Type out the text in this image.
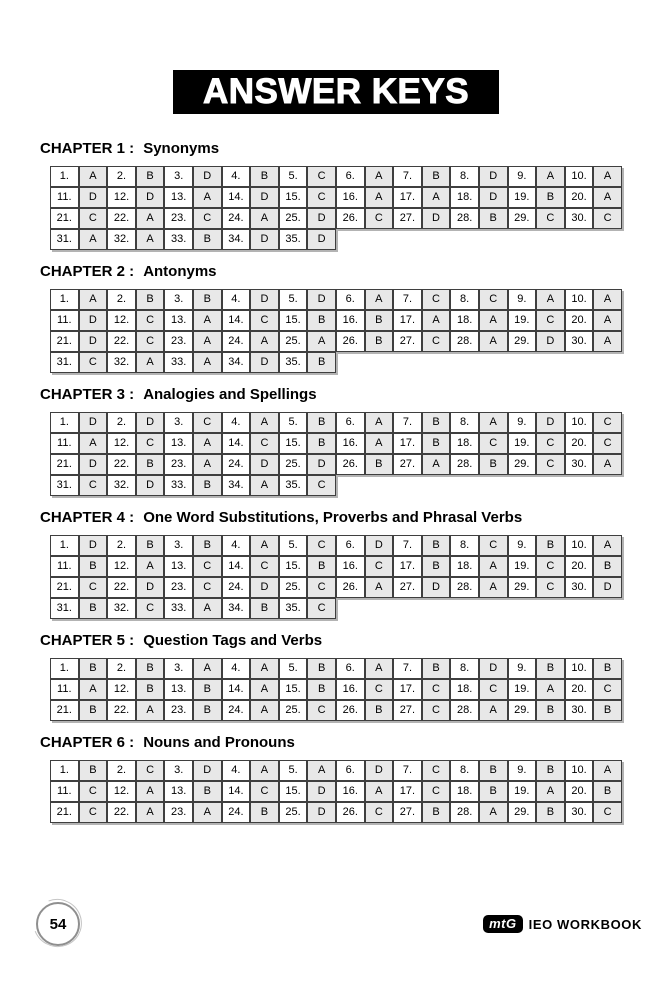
ANSWER KEYS
CHAPTER 1 : Synonyms
1.	A	2.	B	3.	D	4.	B	5.	C	6.	A	7.	B	8.	D	9.	A	10.	A
11.	D	12.	D	13.	A	14.	D	15.	C	16.	A	17.	A	18.	D	19.	B	20.	A
21.	C	22.	A	23.	C	24.	A	25.	D	26.	C	27.	D	28.	B	29.	C	30.	C
31.	A	32.	A	33.	B	34.	D	35.	D
CHAPTER 2 : Antonyms
1.	A	2.	B	3.	B	4.	D	5.	D	6.	A	7.	C	8.	C	9.	A	10.	A
11.	D	12.	C	13.	A	14.	C	15.	B	16.	B	17.	A	18.	A	19.	C	20.	A
21.	D	22.	C	23.	A	24.	A	25.	A	26.	B	27.	C	28.	A	29.	D	30.	A
31.	C	32.	A	33.	A	34.	D	35.	B
CHAPTER 3 : Analogies and Spellings
1.	D	2.	D	3.	C	4.	A	5.	B	6.	A	7.	B	8.	A	9.	D	10.	C
11.	A	12.	C	13.	A	14.	C	15.	B	16.	A	17.	B	18.	C	19.	C	20.	C
21.	D	22.	B	23.	A	24.	D	25.	D	26.	B	27.	A	28.	B	29.	C	30.	A
31.	C	32.	D	33.	B	34.	A	35.	C
CHAPTER 4 : One Word Substitutions, Proverbs and Phrasal Verbs
1.	D	2.	B	3.	B	4.	A	5.	C	6.	D	7.	B	8.	C	9.	B	10.	A
11.	B	12.	A	13.	C	14.	C	15.	B	16.	C	17.	B	18.	A	19.	C	20.	B
21.	C	22.	D	23.	C	24.	D	25.	C	26.	A	27.	D	28.	A	29.	C	30.	D
31.	B	32.	C	33.	A	34.	B	35.	C
CHAPTER 5 : Question Tags and Verbs
1.	B	2.	B	3.	A	4.	A	5.	B	6.	A	7.	B	8.	D	9.	B	10.	B
11.	A	12.	B	13.	B	14.	A	15.	B	16.	C	17.	C	18.	C	19.	A	20.	C
21.	B	22.	A	23.	B	24.	A	25.	C	26.	B	27.	C	28.	A	29.	B	30.	B
CHAPTER 6 : Nouns and Pronouns
1.	B	2.	C	3.	D	4.	A	5.	A	6.	D	7.	C	8.	B	9.	B	10.	A
11.	C	12.	A	13.	B	14.	C	15.	D	16.	A	17.	C	18.	B	19.	A	20.	B
21.	C	22.	A	23.	A	24.	B	25.	D	26.	C	27.	B	28.	A	29.	B	30.	C
54	mtG IEO WORKBOOK
